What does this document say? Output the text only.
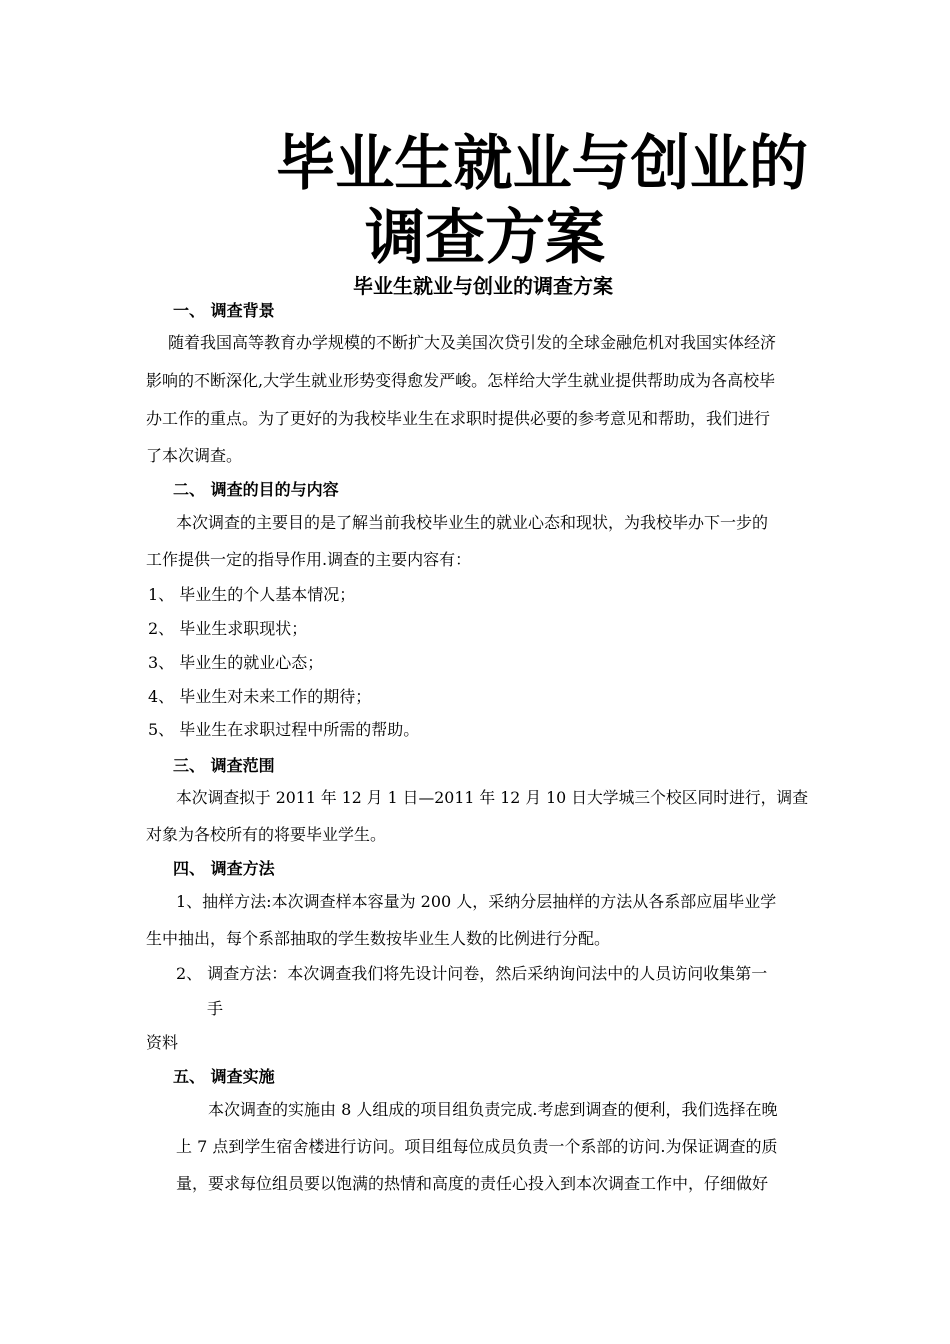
毕业生就业与创业的
调查方案
毕业生就业与创业的调查方案
一、 调查背景
随着我国高等教育办学规模的不断扩大及美国次贷引发的全球金融危机对我国实体经济
影响的不断深化,大学生就业形势变得愈发严峻。怎样给大学生就业提供帮助成为各高校毕
办工作的重点。为了更好的为我校毕业生在求职时提供必要的参考意见和帮助，我们进行
了本次调查。
二、 调查的目的与内容
本次调查的主要目的是了解当前我校毕业生的就业心态和现状，为我校毕办下一步的
工作提供一定的指导作用.调查的主要内容有：
1、 毕业生的个人基本情况；
2、 毕业生求职现状；
3、 毕业生的就业心态；
4、 毕业生对未来工作的期待；
5、 毕业生在求职过程中所需的帮助。
三、 调查范围
本次调查拟于 2011 年 12 月 1 日—2011 年 12 月 10 日大学城三个校区同时进行，调查
对象为各校所有的将要毕业学生。
四、 调查方法
1、抽样方法:本次调查样本容量为 200 人，采纳分层抽样的方法从各系部应届毕业学
生中抽出，每个系部抽取的学生数按毕业生人数的比例进行分配。
2、 调查方法：本次调查我们将先设计问卷，然后采纳询问法中的人员访问收集第一
手
资料
五、 调查实施
本次调查的实施由 8 人组成的项目组负责完成.考虑到调查的便利，我们选择在晚
上 7 点到学生宿舍楼进行访问。项目组每位成员负责一个系部的访问.为保证调查的质
量，要求每位组员要以饱满的热情和高度的责任心投入到本次调查工作中，仔细做好
